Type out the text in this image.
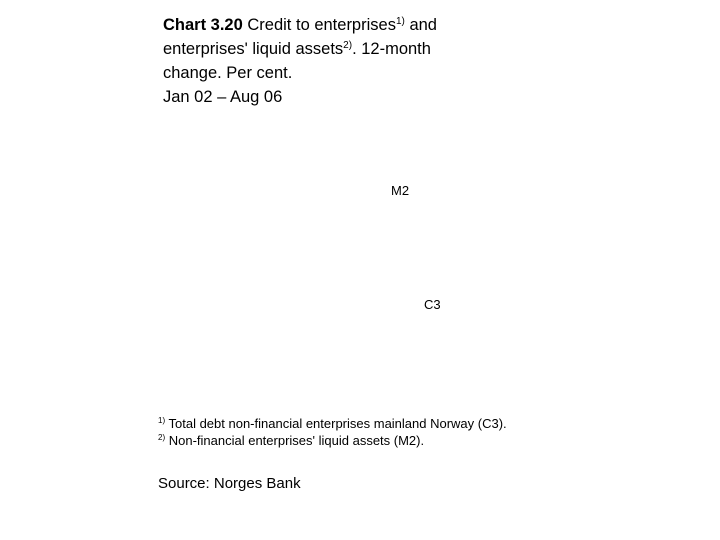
Chart 3.20 Credit to enterprises$^{1)}$ and enterprises' liquid assets$^{2)}$. 12-month change. Per cent.
Jan 02 – Aug 06
M2
C3
$^{1)}$ Total debt non-financial enterprises mainland Norway (C3).
$^{2)}$ Non-financial enterprises' liquid assets (M2).
Source: Norges Bank
